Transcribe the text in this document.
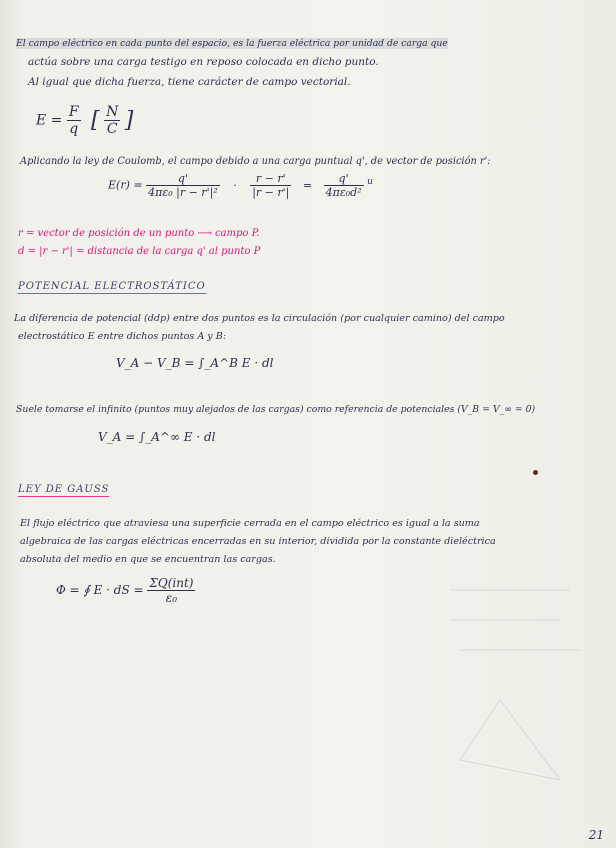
El campo eléctrico en cada punto del espacio, es la fuerza eléctrica por unidad de carga que
actúa sobre una carga testigo en reposo colocada en dicho punto.
Al igual que dicha fuerza, tiene carácter de campo vectorial.
$E = \frac{F}{q}$ [ $\frac{N}{C}$ ]
Aplicando la ley de Coulomb, el campo debido a una carga puntual q', de vector de posición r':
$E(r) = \frac{q'}{\text{4πε₀ |r − r'|²}} \cdot \frac{r - r'}{|r - r'|} = \frac{q'}{\text{4πε₀d²}} ^u$
r = vector de posición de un punto ⟶ campo P.
d = |r − r'| = distancia de la carga q' al punto P
POTENCIAL ELECTROSTÁTICO
La diferencia de potencial (ddp) entre dos puntos es la circulación (por cualquier camino) del campo
electrostático E entre dichos puntos A y B:
V_A − V_B = ∫_A^B E · dl
Suele tomarse el infinito (puntos muy alejados de las cargas) como referencia de potenciales (V_B = V_∞ = 0)
V_A = ∫_A^∞ E · dl
LEY DE GAUSS
El flujo eléctrico que atraviesa una superficie cerrada en el campo eléctrico es igual a la suma
algebraica de las cargas eléctricas encerradas en su interior, dividida por la constante dieléctrica
absoluta del medio en que se encuentran las cargas.
Φ = ∮ E · dS = $\frac{\text{ΣQ(int)}}{\text{ε₀}}$
21
